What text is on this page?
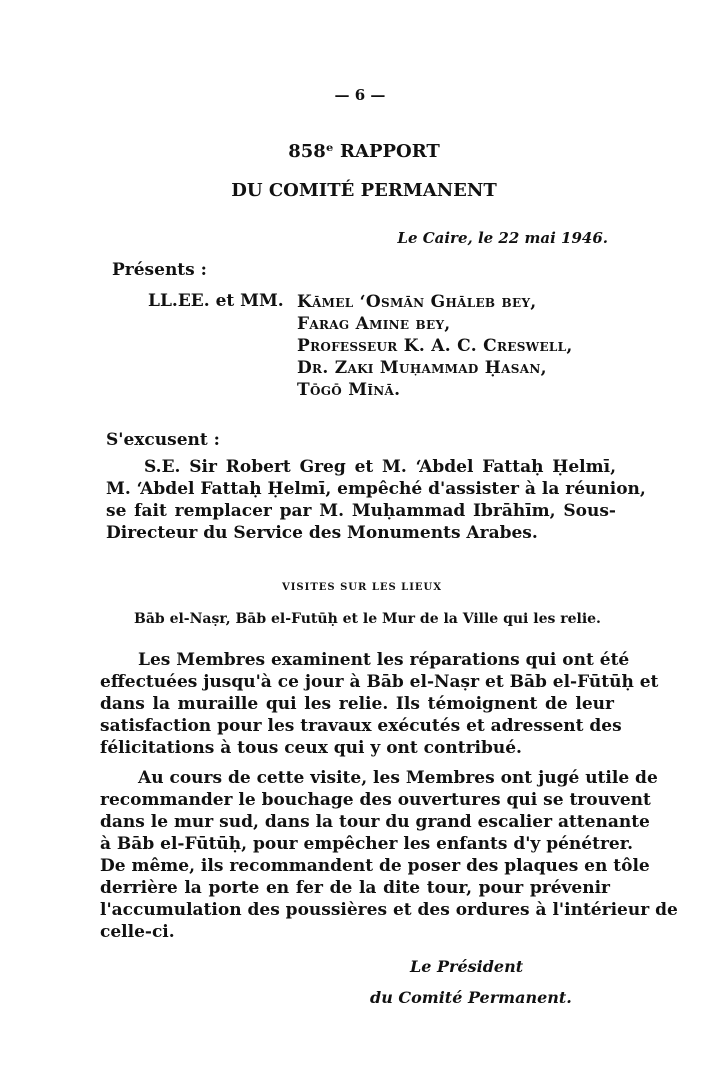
— 6 —
858ᵉ RAPPORT
DU COMITÉ PERMANENT
Le Caire, le 22 mai 1946.
Présents :
LL.EE. et MM. Kāmel ʻOsmān Ghāleb bey,
Farag Amine bey,
Professeur K. A. C. Creswell,
Dr. Zaki Muḥammad Ḥasan,
Tōgō Mīnā.
S'excusent :
S.E. Sir Robert Greg et M. ʻAbdel Fattaḥ Ḥelmī,
M. ʻAbdel Fattaḥ Ḥelmī, empêché d'assister à la réunion,
se fait remplacer par M. Muḥammad Ibrāhīm, Sous-
Directeur du Service des Monuments Arabes.
VISITES SUR LES LIEUX
Bāb el-Naṣr, Bāb el-Futūḥ et le Mur de la Ville qui les relie.
Les Membres examinent les réparations qui ont été
effectuées jusqu'à ce jour à Bāb el-Naṣr et Bāb el-Fūtūḥ et
dans la muraille qui les relie. Ils témoignent de leur
satisfaction pour les travaux exécutés et adressent des
félicitations à tous ceux qui y ont contribué.
Au cours de cette visite, les Membres ont jugé utile de
recommander le bouchage des ouvertures qui se trouvent
dans le mur sud, dans la tour du grand escalier attenante
à Bāb el-Fūtūḥ, pour empêcher les enfants d'y pénétrer.
De même, ils recommandent de poser des plaques en tôle
derrière la porte en fer de la dite tour, pour prévenir
l'accumulation des poussières et des ordures à l'intérieur de
celle-ci.
Le Président
du Comité Permanent.
